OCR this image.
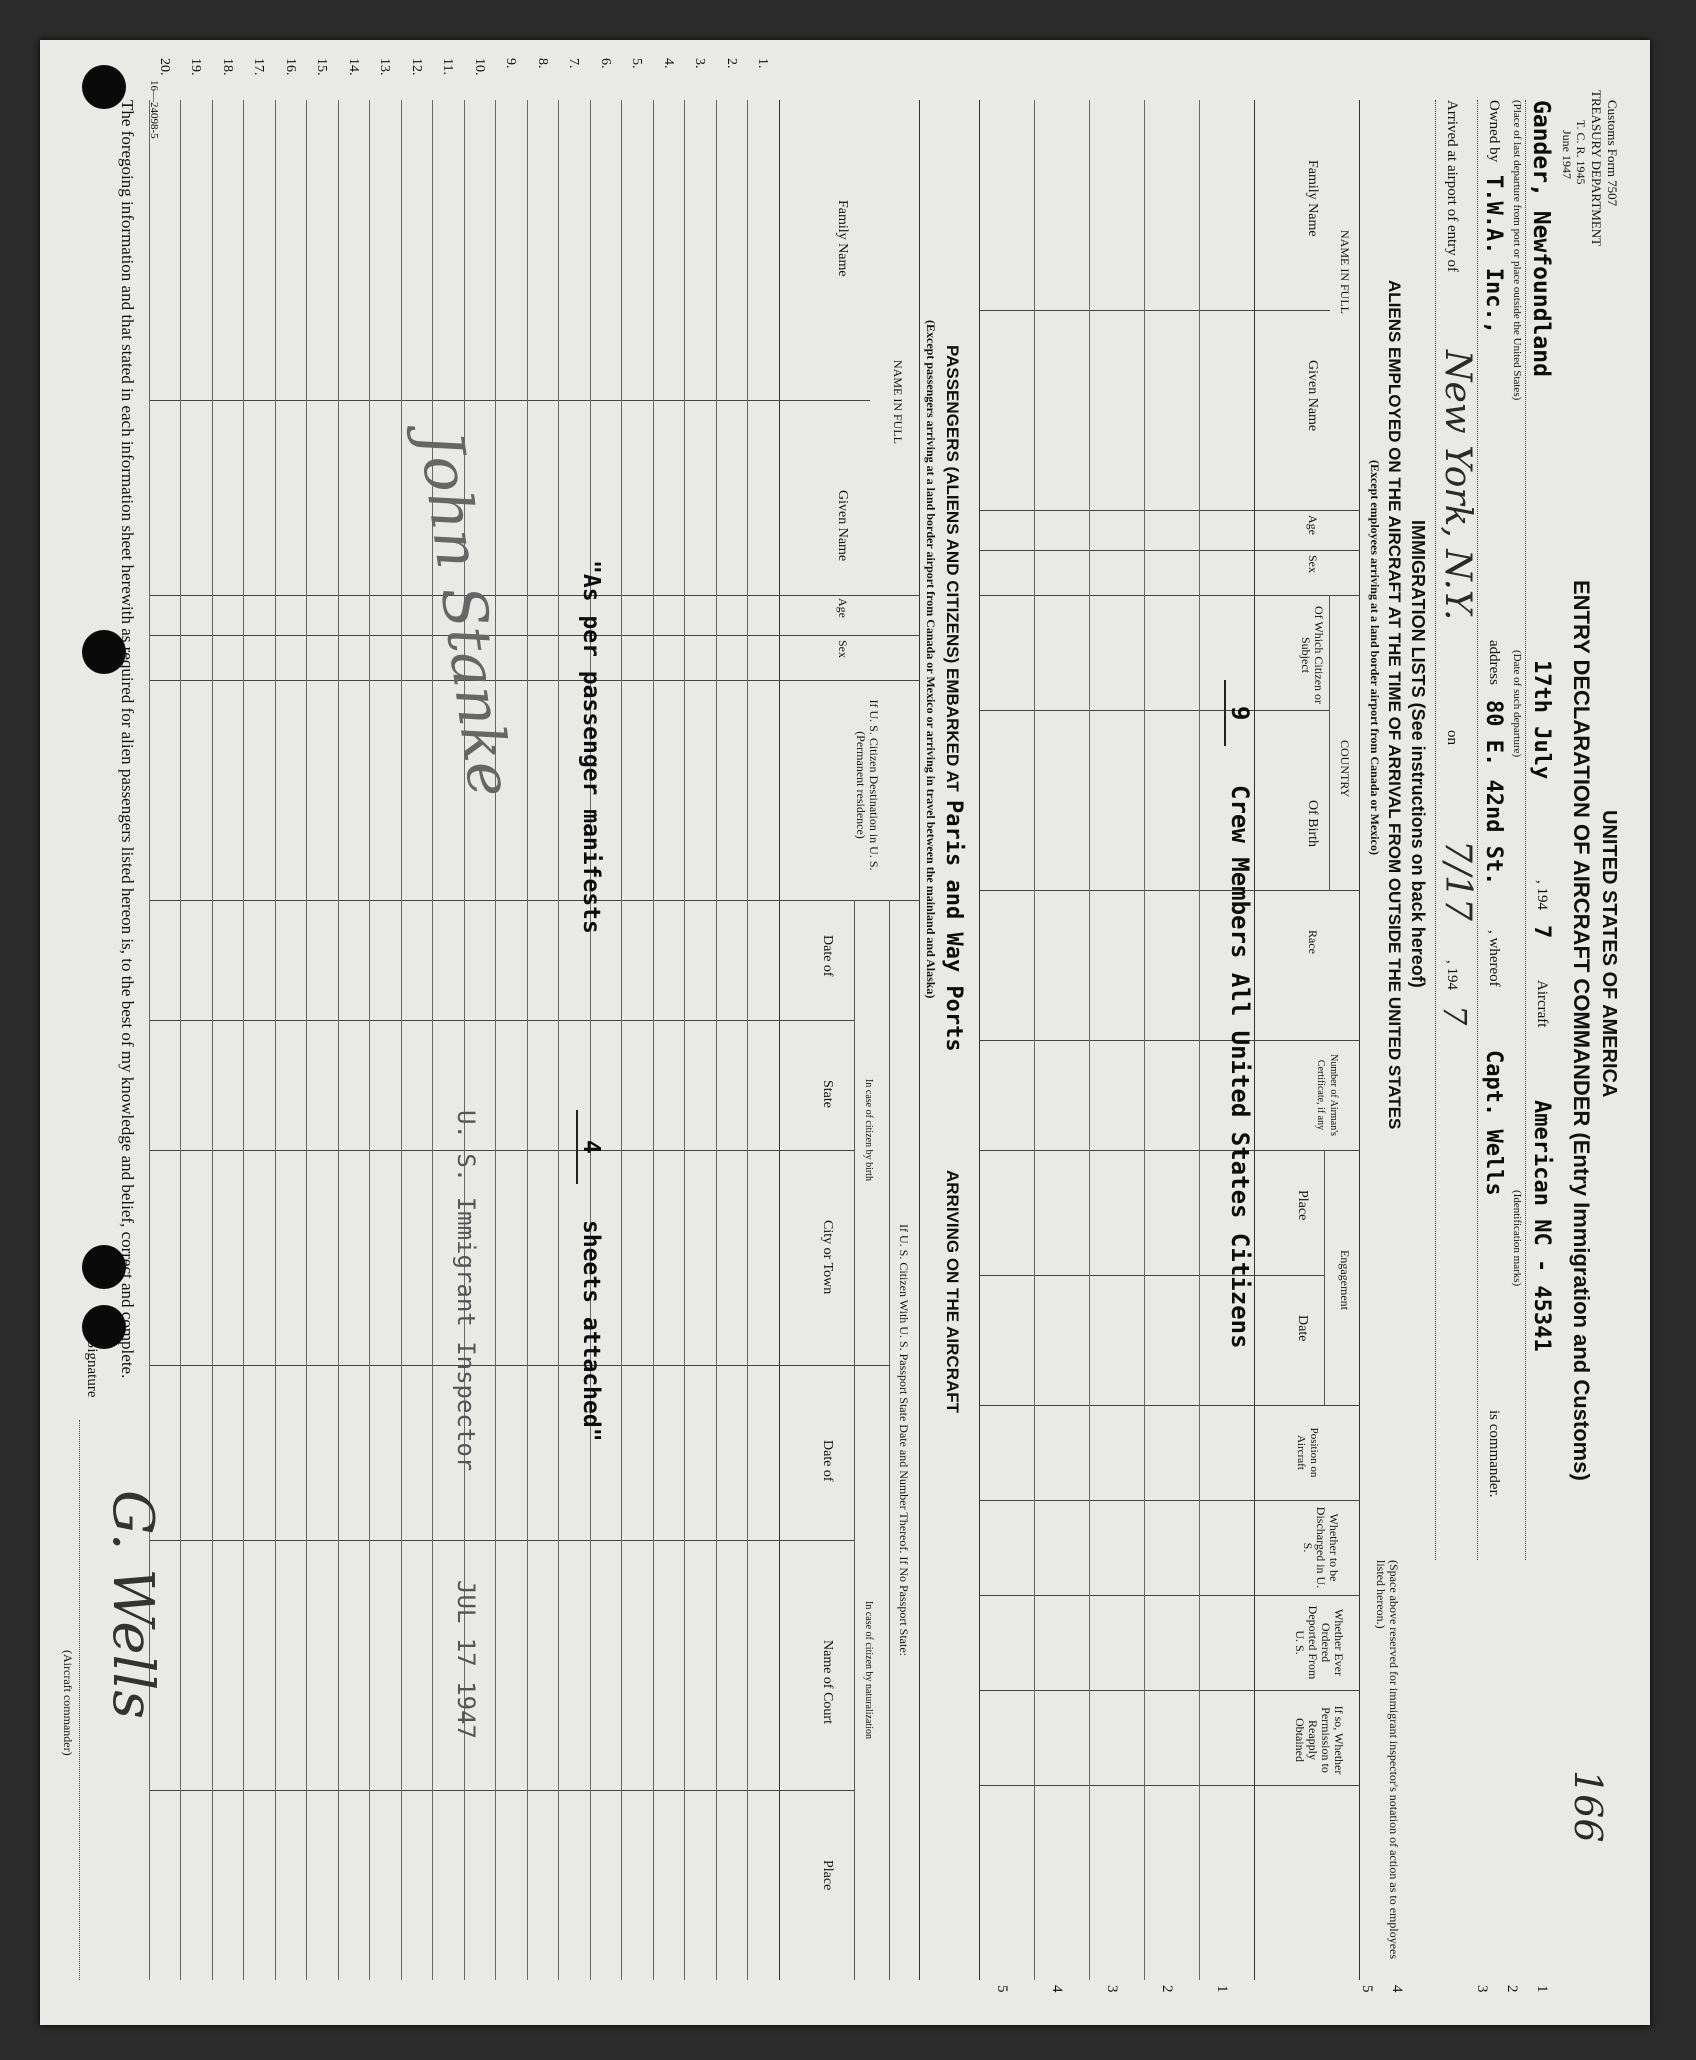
Customs Form 7507
TREASURY DEPARTMENT
T. C. R. 1945
June 1947
16—24098-5
UNITED STATES OF AMERICA
ENTRY DECLARATION OF AIRCRAFT COMMANDER (Entry Immigration and Customs)
166
1
2
3
4
5
Gander, Newfoundland
17th July
, 194
7
Aircraft
American NC - 45341
(Place of last departure from port or place outside the United States)
(Date of such departure)
(Identification marks)
Owned by
T.W.A. Inc.,
address
80 E. 42nd St.
, whereof
Capt. Wells
is commander.
Arrived at airport of entry of
New York, N.Y.
on
7/17
, 194
7
IMMIGRATION LISTS (See instructions on back hereof)
ALIENS EMPLOYED ON THE AIRCRAFT AT THE TIME OF ARRIVAL FROM OUTSIDE THE UNITED STATES
(Except employees arriving at a land border airport from Canada or Mexico)
(Space above reserved for immigrant inspector's notation of action as to employees listed hereon.)
NAME IN FULL
Family Name
Given Name
Age
Sex
COUNTRY
Of Which Citizen or Subject
Of Birth
Race
Number of Airman's Certificate, if any
Engagement
Place
Date
Position on Aircraft
Whether to be Discharged in U. S.
Whether Ever Ordered Deported From U. S.
If so, Whether Permission to Reapply Obtained
1
2
3
4
5
9
Crew Members All United States Citizens
PASSENGERS (ALIENS AND CITIZENS) EMBARKED AT
Paris and Way Ports
ARRIVING ON THE AIRCRAFT
(Except passengers arriving at a land border airport from Canada or Mexico or arriving in travel between the mainland and Alaska)
NAME IN FULL
Family Name
Given Name
Age
Sex
If U. S. Citizen Destination in U. S. (Permanent residence)
If U. S. Citizen With U. S. Passport State Date and Number Thereof. If No Passport State:
In case of citizen by birth
Date of
State
City or Town
In case of citizen by naturalization
Date of
Name of Court
Place
1.
2.
3.
4.
5.
6.
7.
8.
9.
10.
11.
12.
13.
14.
15.
16.
17.
18.
19.
20.
"As per passenger manifests
4
sheets attached"
John Stanke
U. S. Immigrant Inspector
JUL 17 1947
The foregoing information and that stated in each information sheet herewith as required for alien passengers listed hereon is, to the best of my knowledge and belief, correct and complete.
Signature
G. Wells
(Aircraft commander)
